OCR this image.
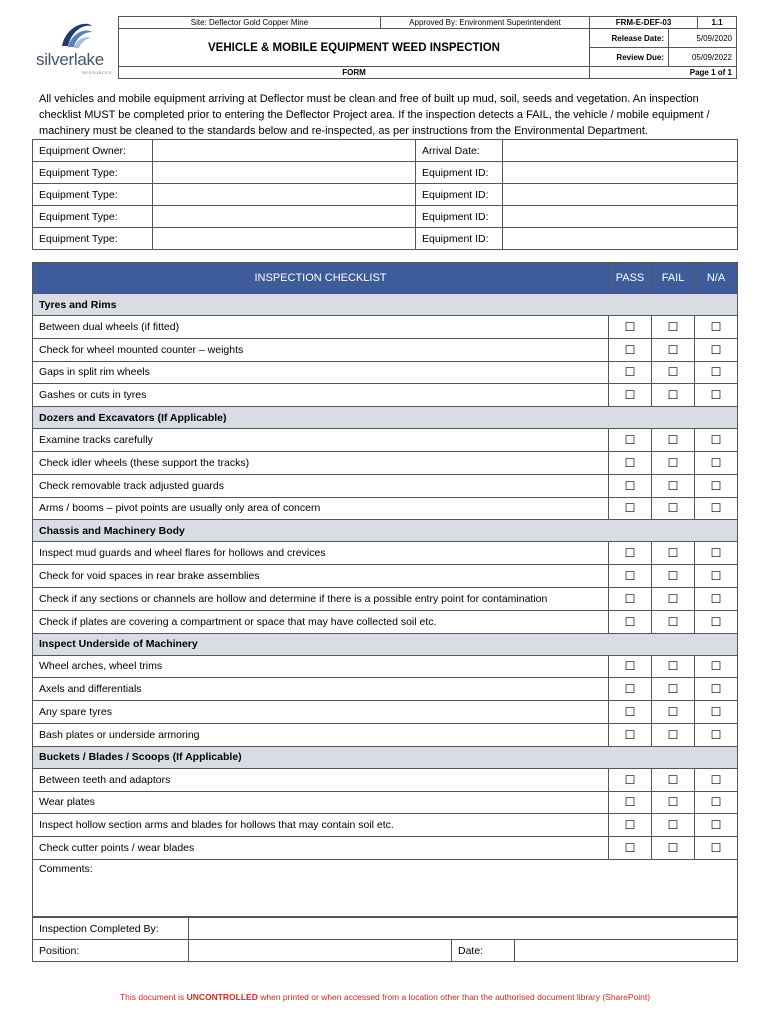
silverlake
RESOURCES
Site: Deflector Gold Copper Mine	Approved By: Environment Superintendent	FRM-E-DEF-03		1.1
VEHICLE & MOBILE EQUIPMENT WEED INSPECTION		Release Date:	5/09/2020	
		Review Due:	05/09/2022	
FORM		Page 1 of 1		

All vehicles and mobile equipment arriving at Deflector must be clean and free of built up mud, soil, seeds and vegetation. An inspection checklist MUST be completed prior to entering the Deflector Project area. If the inspection detects a FAIL, the vehicle / mobile equipment / machinery must be cleaned to the standards below and re-inspected, as per instructions from the Environmental Department.

Equipment Owner:		Arrival Date:	
Equipment Type:		Equipment ID:	
Equipment Type:		Equipment ID:	
Equipment Type:		Equipment ID:	
Equipment Type:		Equipment ID:	
INSPECTION CHECKLIST	PASS	FAIL	N/A
Tyres and Rims			
Between dual wheels (if fitted)	☐	☐	☐
Check for wheel mounted counter – weights	☐	☐	☐
Gaps in split rim wheels	☐	☐	☐
Gashes or cuts in tyres	☐	☐	☐
Dozers and Excavators (If Applicable)			
Examine tracks carefully	☐	☐	☐
Check idler wheels (these support the tracks)	☐	☐	☐
Check removable track adjusted guards	☐	☐	☐
Arms / booms – pivot points are usually only area of concern	☐	☐	☐
Chassis and Machinery Body			
Inspect mud guards and wheel flares for hollows and crevices	☐	☐	☐
Check for void spaces in rear brake assemblies	☐	☐	☐
Check if any sections or channels are hollow and determine if there is a possible entry point for contamination	☐	☐	☐
Check if plates are covering a compartment or space that may have collected soil etc.	☐	☐	☐
Inspect Underside of Machinery			
Wheel arches, wheel trims	☐	☐	☐
Axels and differentials	☐	☐	☐
Any spare tyres	☐	☐	☐
Bash plates or underside armoring	☐	☐	☐
Buckets / Blades / Scoops (If Applicable)			
Between teeth and adaptors	☐	☐	☐
Wear plates	☐	☐	☐
Inspect hollow section arms and blades for hollows that may contain soil etc.	☐	☐	☐
Check cutter points / wear blades	☐	☐	☐
Comments:			
Inspection Completed By:			
Position:		Date:	
This document is UNCONTROLLED when printed or when accessed from a location other than the authorised document library (SharePoint)
